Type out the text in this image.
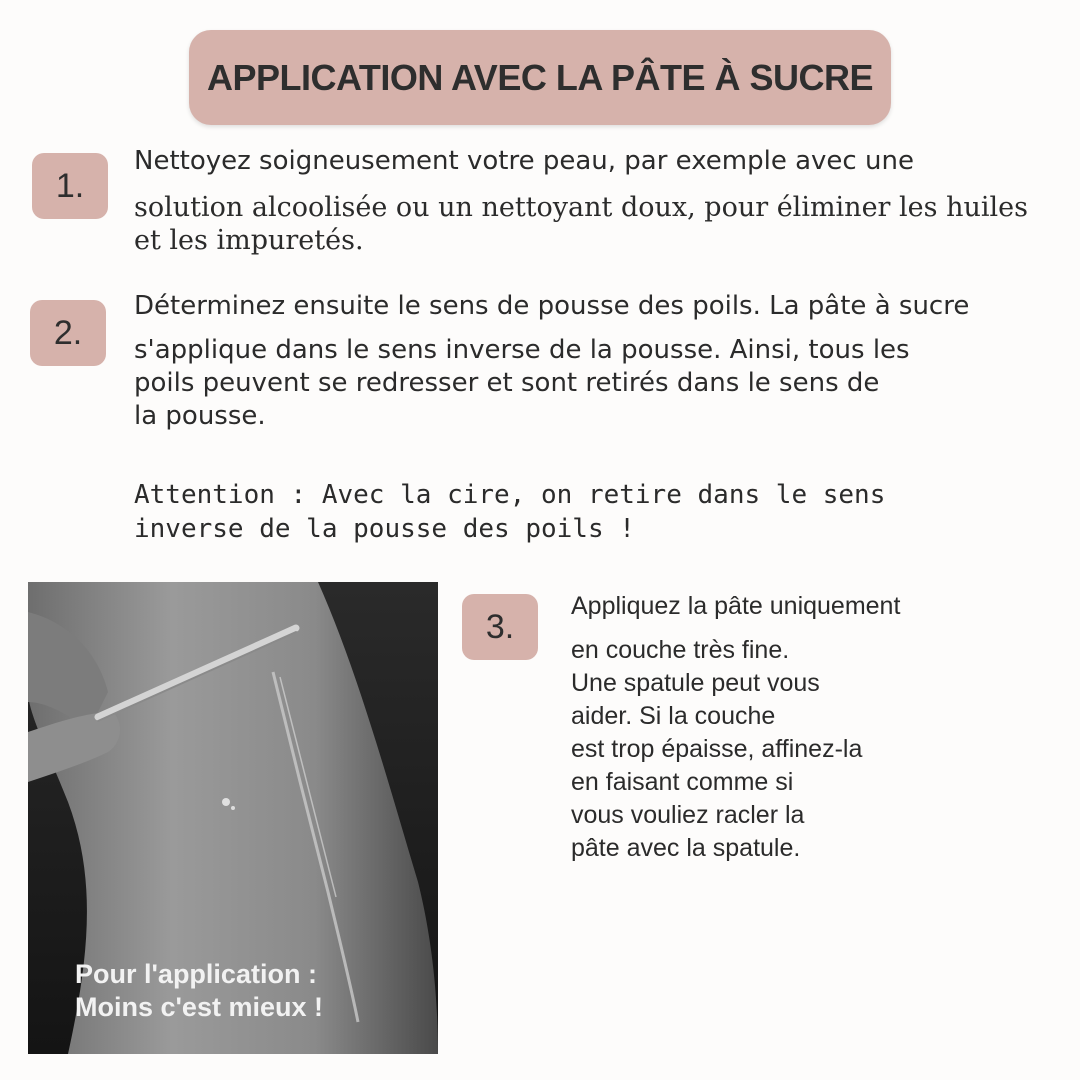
APPLICATION AVEC LA PÂTE À SUCRE
1.
Nettoyez soigneusement votre peau, par exemple avec une
solution alcoolisée ou un nettoyant doux, pour éliminer les huiles
et les impuretés.
2.
Déterminez ensuite le sens de pousse des poils. La pâte à sucre
s'applique dans le sens inverse de la pousse. Ainsi, tous les
poils peuvent se redresser et sont retirés dans le sens de
la pousse.
Attention : Avec la cire, on retire dans le sens
inverse de la pousse des poils !
Pour l'application :
Moins c'est mieux !
3.
Appliquez la pâte uniquement
en couche très fine.
Une spatule peut vous
aider. Si la couche
est trop épaisse, affinez-la
en faisant comme si
vous vouliez racler la
pâte avec la spatule.
